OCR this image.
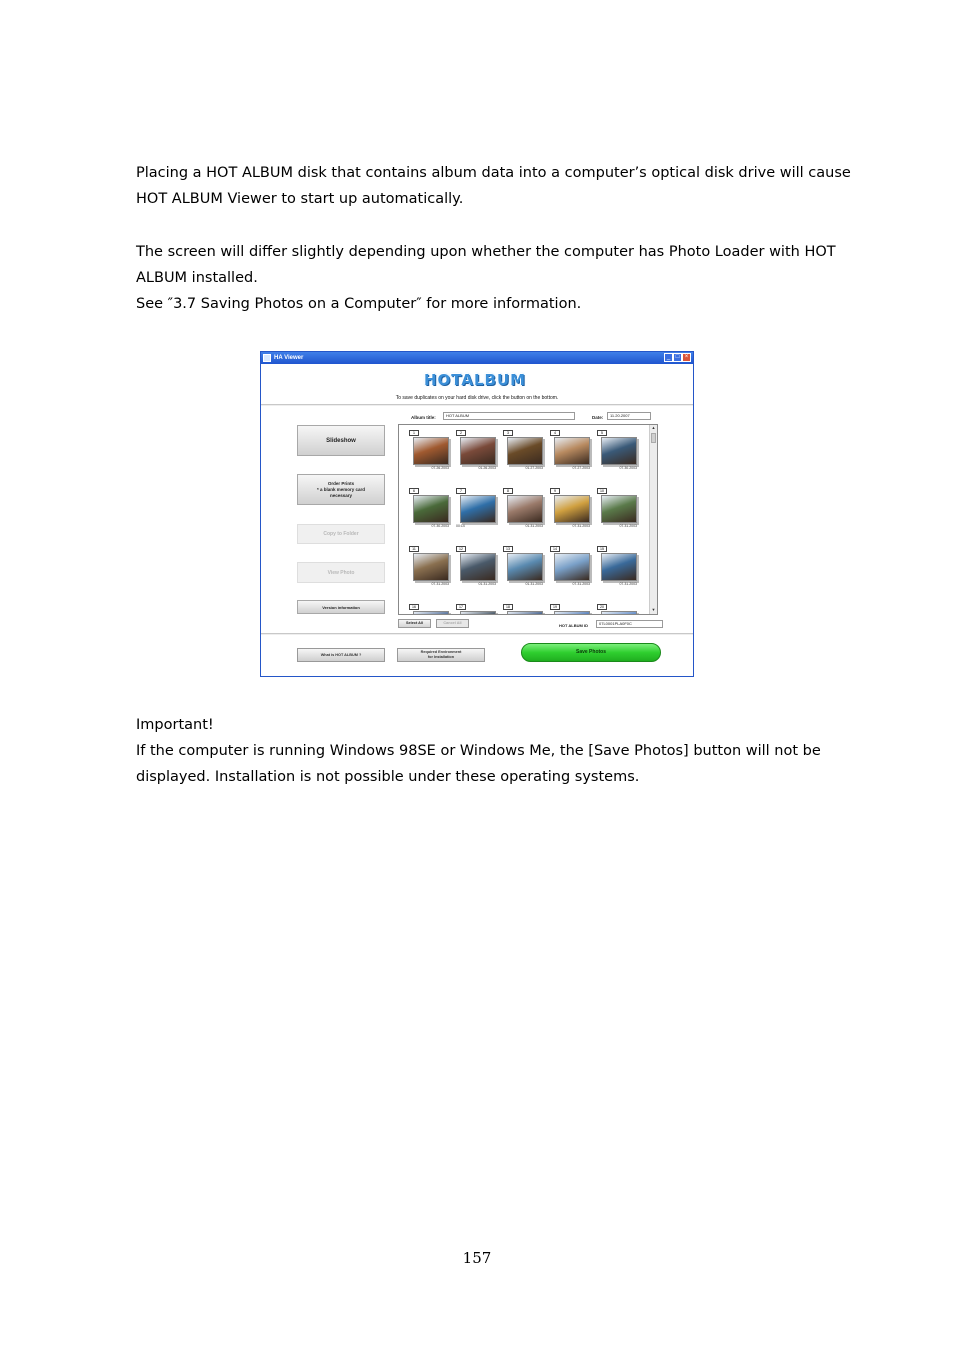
Placing a HOT ALBUM disk that contains album data into a computer’s optical disk drive will cause
HOT ALBUM Viewer to start up automatically.
The screen will differ slightly depending upon whether the computer has Photo Loader with HOT
ALBUM installed.
See ″3.7 Saving Photos on a Computer″ for more information.
HA Viewer	_ □ ×
HOTALBUM
To save duplicates on your hard disk drive, click the button on the bottom.
Album title:	HOT ALBUM	Date:	11.20.2007
Slideshow
Order Prints
* a blank memory card
necessary
Copy to Folder
View Photo
Version information
▲
▼
1
07.26.2003
2
01.26.2003
3
01.27.2003
4
07.27.2003
5
07.30.2003
6
07.30.2003
7
00:14
8
01.31.2003
9
07.31.2003
10
07.31.2003
11
07.31.2003
12
01.31.2003
13
01.31.2003
14
07.31.2003
15
07.31.2003
16	17	18	19	20
Select All	Cancel All	HOT ALBUM ID	07L0001PLA0F0C
What is HOT ALBUM ?
Required Environment
for Installation
Save Photos
Important!
If the computer is running Windows 98SE or Windows Me, the [Save Photos] button will not be
displayed. Installation is not possible under these operating systems.
157
